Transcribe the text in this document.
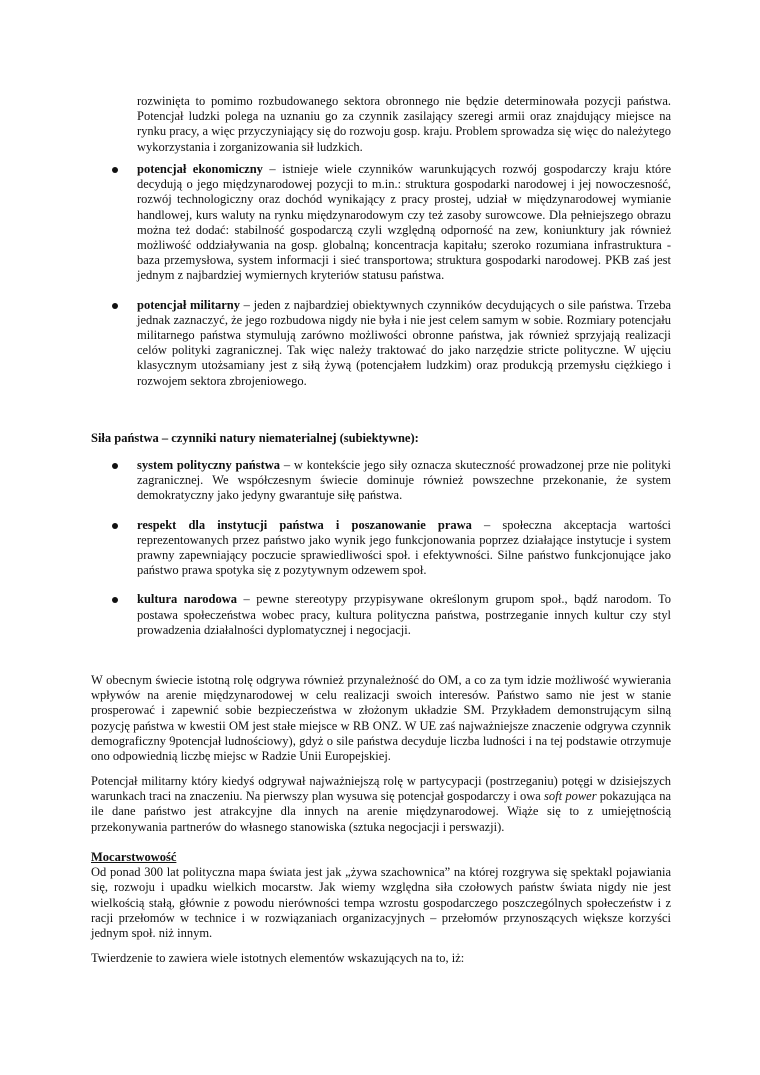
rozwinięta to pomimo rozbudowanego sektora obronnego nie będzie determinowała pozycji państwa. Potencjał ludzki polega na uznaniu go za czynnik zasilający szeregi armii oraz znajdujący miejsce na rynku pracy, a więc przyczyniający się do rozwoju gosp. kraju. Problem sprowadza się więc do należytego wykorzystania i zorganizowania sił ludzkich.

potencjał ekonomiczny – istnieje wiele czynników warunkujących rozwój gospodarczy kraju które decydują o jego międzynarodowej pozycji to m.in.: struktura gospodarki narodowej i jej nowoczesność, rozwój technologiczny oraz dochód wynikający z pracy prostej, udział w międzynarodowej wymianie handlowej, kurs waluty na rynku międzynarodowym czy też zasoby surowcowe. Dla pełniejszego obrazu można też dodać: stabilność gospodarczą czyli względną odporność na zew, koniunktury jak również możliwość oddziaływania na gosp. globalną; koncentracja kapitału; szeroko rozumiana infrastruktura - baza przemysłowa, system informacji i sieć transportowa; struktura gospodarki narodowej. PKB zaś jest jednym z najbardziej wymiernych kryteriów statusu państwa.
potencjał militarny – jeden z najbardziej obiektywnych czynników decydujących o sile państwa. Trzeba jednak zaznaczyć, że jego rozbudowa nigdy nie była i nie jest celem samym w sobie. Rozmiary potencjału militarnego państwa stymulują zarówno możliwości obronne państwa, jak również sprzyjają realizacji celów polityki zagranicznej. Tak więc należy traktować do jako narzędzie stricte polityczne. W ujęciu klasycznym utożsamiany jest z siłą żywą (potencjałem ludzkim) oraz produkcją przemysłu ciężkiego i rozwojem sektora zbrojeniowego.

Siła państwa – czynniki natury niematerialnej (subiektywne):

system polityczny państwa – w kontekście jego siły oznacza skuteczność prowadzonej prze nie polityki zagranicznej. We współczesnym świecie dominuje również powszechne przekonanie, że system demokratyczny jako jedyny gwarantuje siłę państwa.
respekt dla instytucji państwa i poszanowanie prawa – społeczna akceptacja wartości reprezentowanych przez państwo jako wynik jego funkcjonowania poprzez działające instytucje i system prawny zapewniający poczucie sprawiedliwości społ. i efektywności. Silne państwo funkcjonujące jako państwo prawa spotyka się z pozytywnym odzewem społ.
kultura narodowa – pewne stereotypy przypisywane określonym grupom społ., bądź narodom. To postawa społeczeństwa wobec pracy, kultura polityczna państwa, postrzeganie innych kultur czy styl prowadzenia działalności dyplomatycznej i negocjacji.

W obecnym świecie istotną rolę odgrywa również przynależność do OM, a co za tym idzie możliwość wywierania wpływów na arenie międzynarodowej w celu realizacji swoich interesów. Państwo samo nie jest w stanie prosperować i zapewnić sobie bezpieczeństwa w złożonym układzie SM. Przykładem demonstrującym silną pozycję państwa w kwestii OM jest stałe miejsce w RB ONZ. W UE zaś najważniejsze znaczenie odgrywa czynnik demograficzny 9potencjał ludnościowy), gdyż o sile państwa decyduje liczba ludności i na tej podstawie otrzymuje ono odpowiednią liczbę miejsc w Radzie Unii Europejskiej.

Potencjał militarny który kiedyś odgrywał najważniejszą rolę w partycypacji (postrzeganiu) potęgi w dzisiejszych warunkach traci na znaczeniu. Na pierwszy plan wysuwa się potencjał gospodarczy i owa soft power pokazująca na ile dane państwo jest atrakcyjne dla innych na arenie międzynarodowej. Wiąże się to z umiejętnością przekonywania partnerów do własnego stanowiska (sztuka negocjacji i perswazji).

Mocarstwowość

Od ponad 300 lat polityczna mapa świata jest jak „żywa szachownica” na której rozgrywa się spektakl pojawiania się, rozwoju i upadku wielkich mocarstw. Jak wiemy względna siła czołowych państw świata nigdy nie jest wielkością stałą, głównie z powodu nierówności tempa wzrostu gospodarczego poszczególnych społeczeństw i z racji przełomów w technice i w rozwiązaniach organizacyjnych – przełomów przynoszących większe korzyści jednym społ. niż innym.

Twierdzenie to zawiera wiele istotnych elementów wskazujących na to, iż:
